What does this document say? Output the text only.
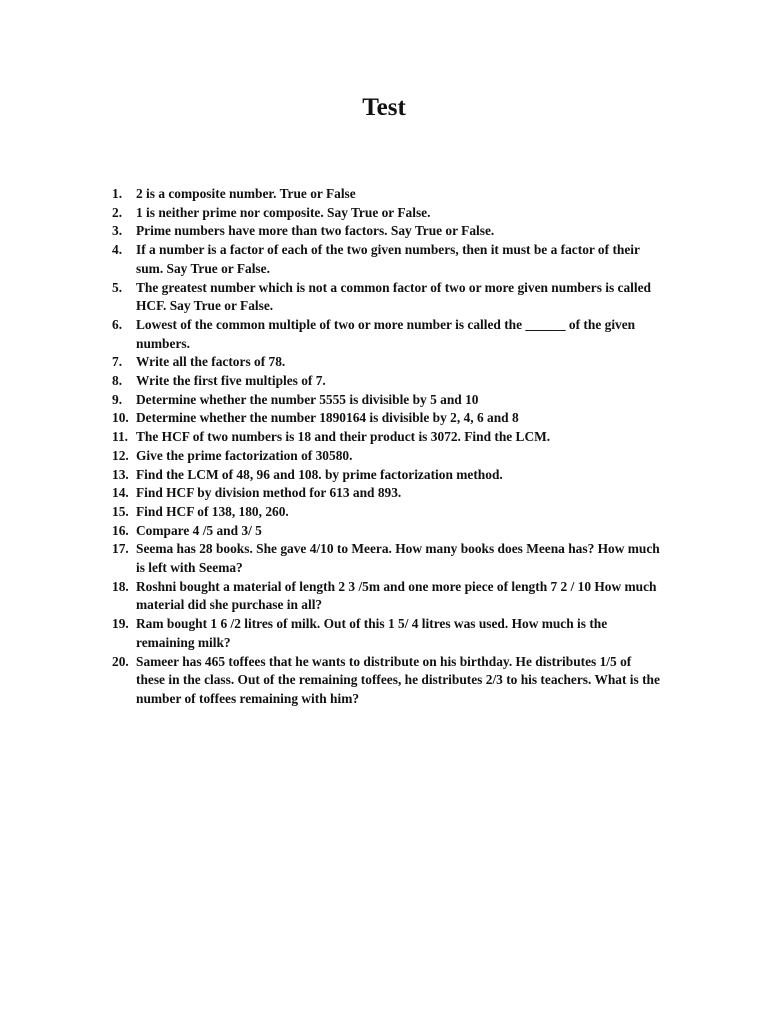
Test
1. 2 is a composite number. True or False
2. 1 is neither prime nor composite. Say True or False.
3. Prime numbers have more than two factors. Say True or False.
4. If a number is a factor of each of the two given numbers, then it must be a factor of their
sum. Say True or False.
5. The greatest number which is not a common factor of two or more given numbers is called
HCF. Say True or False.
6. Lowest of the common multiple of two or more number is called the ______ of the given
numbers.
7. Write all the factors of 78.
8. Write the first five multiples of 7.
9. Determine whether the number 5555 is divisible by 5 and 10
10. Determine whether the number 1890164 is divisible by 2, 4, 6 and 8
11. The HCF of two numbers is 18 and their product is 3072. Find the LCM.
12. Give the prime factorization of 30580.
13. Find the LCM of 48, 96 and 108. by prime factorization method.
14. Find HCF by division method for 613 and 893.
15. Find HCF of 138, 180, 260.
16. Compare 4 /5 and 3/ 5
17. Seema has 28 books. She gave 4/10 to Meera. How many books does Meena has? How much
is left with Seema?
18. Roshni bought a material of length 2 3 /5m and one more piece of length 7 2 / 10 How much
material did she purchase in all?
19. Ram bought 1 6 /2 litres of milk. Out of this 1 5/ 4 litres was used. How much is the
remaining milk?
20. Sameer has 465 toffees that he wants to distribute on his birthday. He distributes 1/5 of
these in the class. Out of the remaining toffees, he distributes 2/3 to his teachers. What is the
number of toffees remaining with him?
